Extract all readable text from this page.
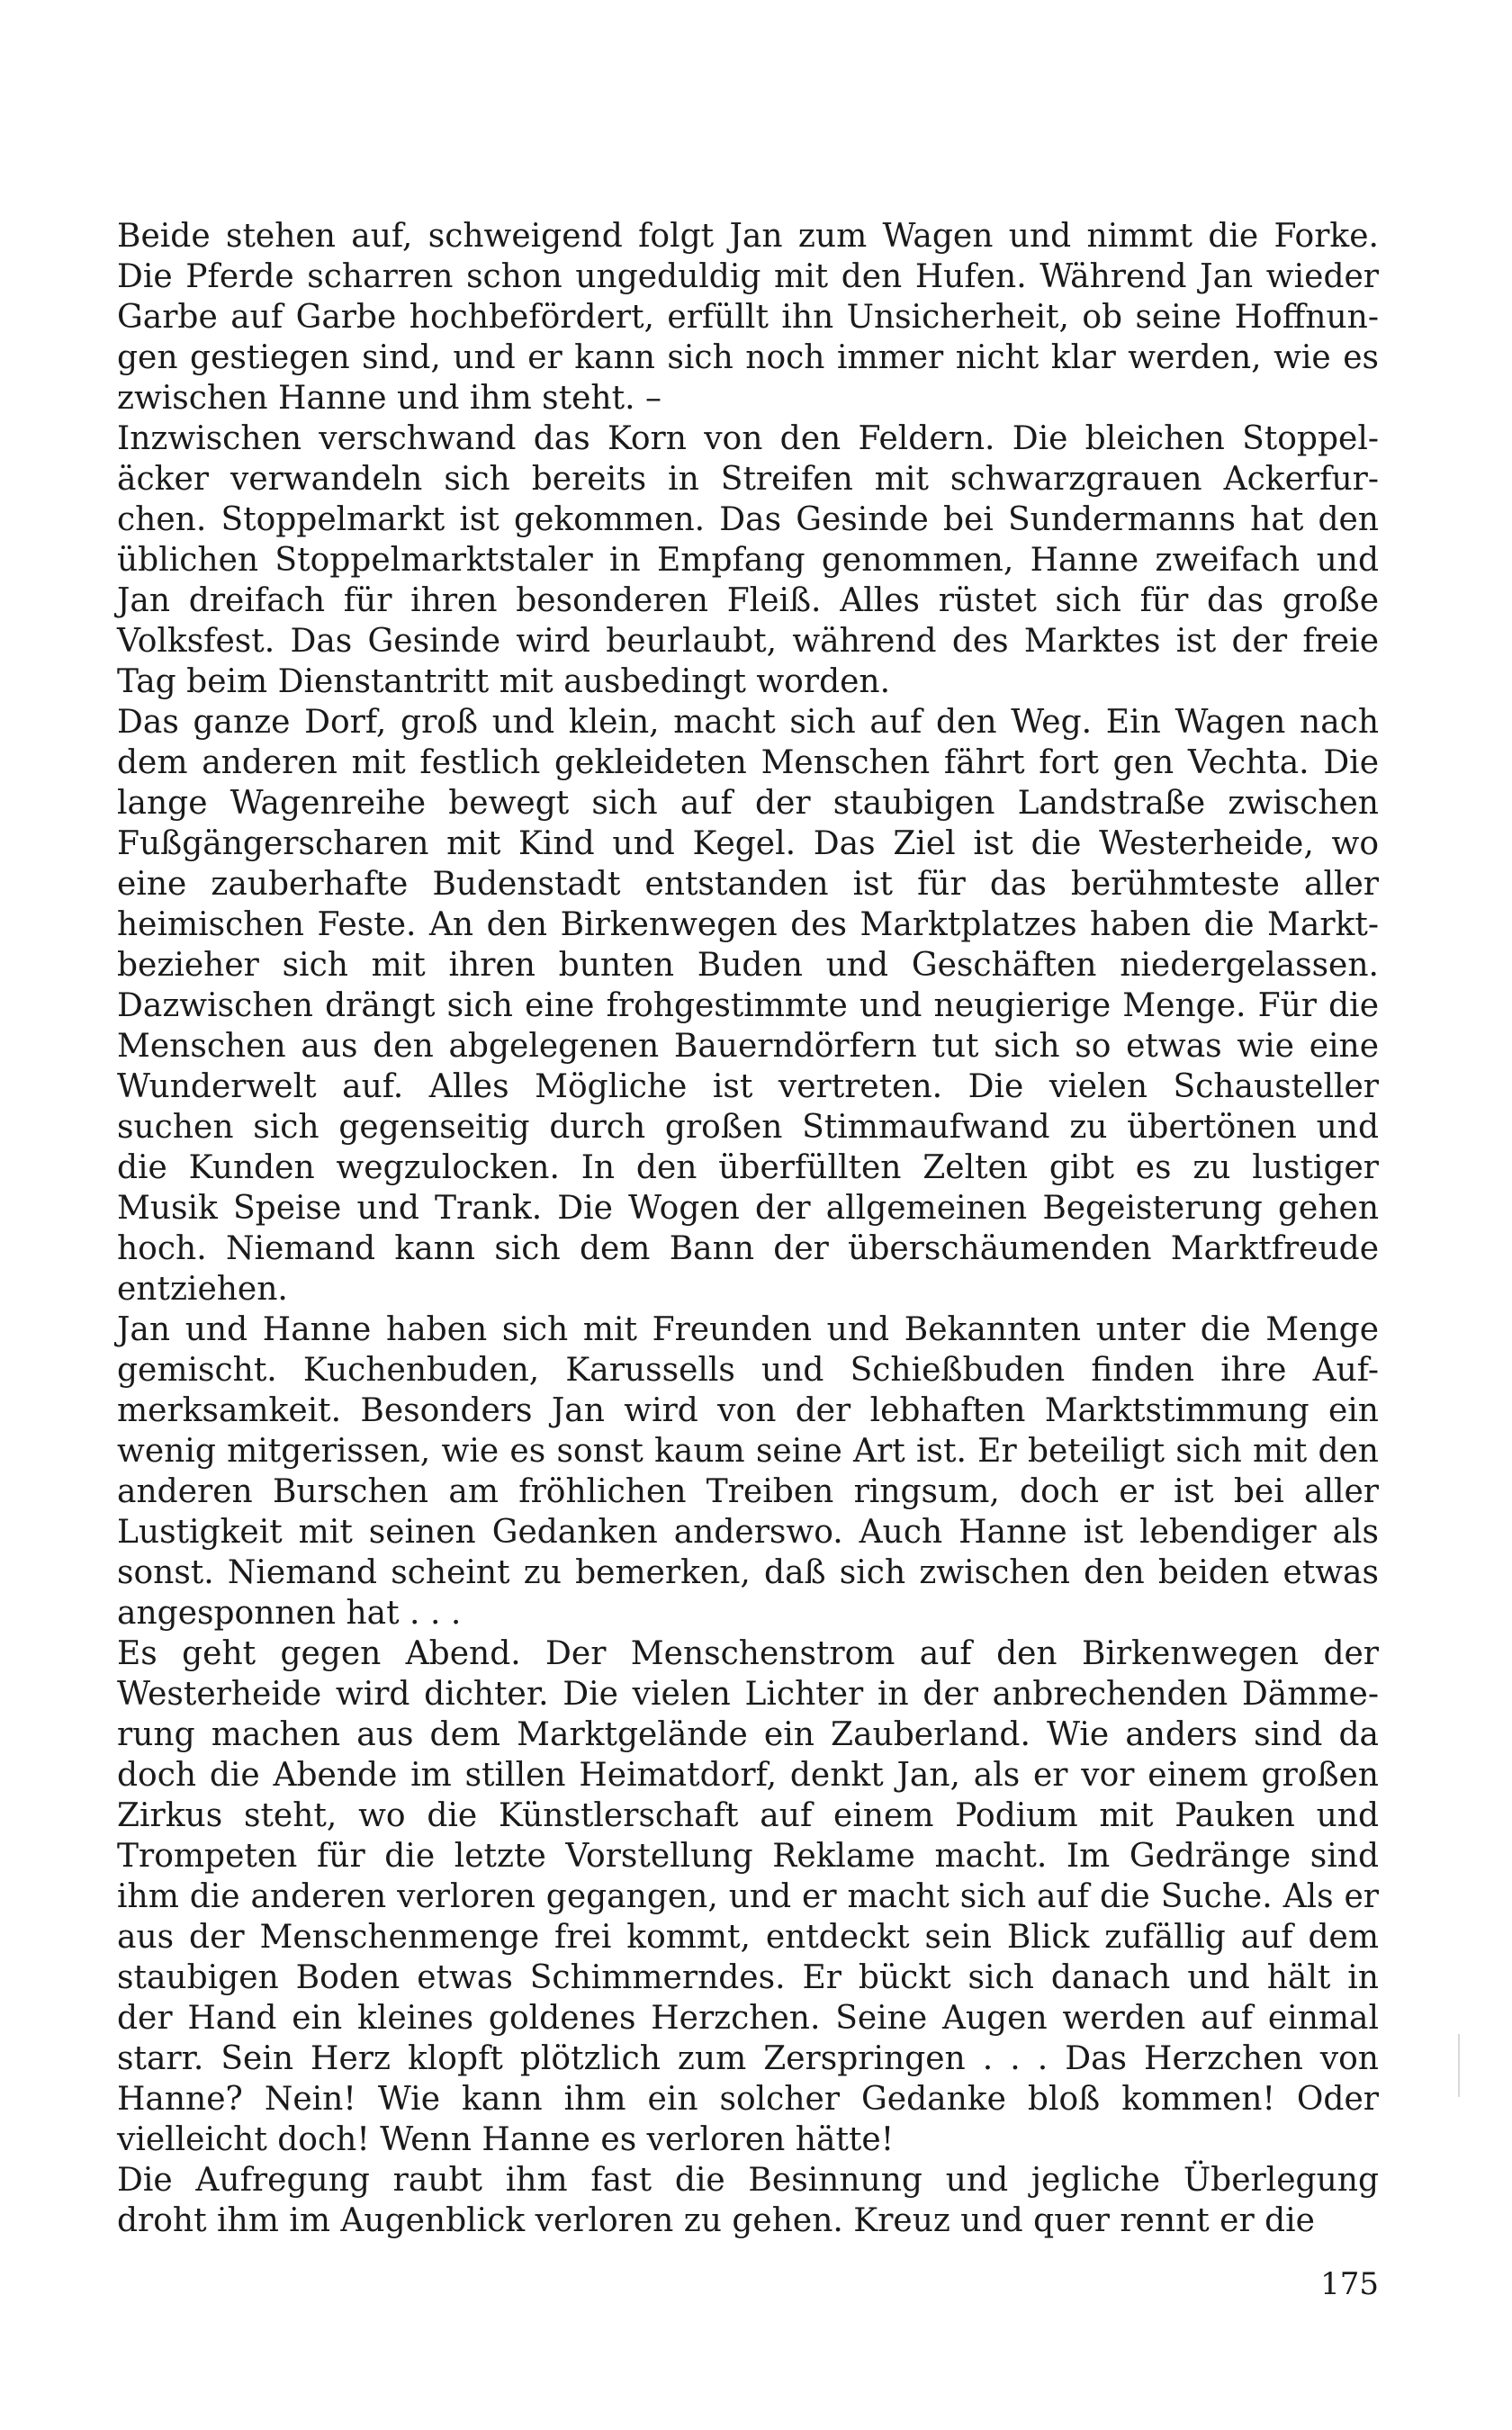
Beide stehen auf, schweigend folgt Jan zum Wagen und nimmt die Forke.
Die Pferde scharren schon ungeduldig mit den Hufen. Während Jan wieder
Garbe auf Garbe hochbefördert, erfüllt ihn Unsicherheit, ob seine Hoffnun-
gen gestiegen sind, und er kann sich noch immer nicht klar werden, wie es
zwischen Hanne und ihm steht. –
Inzwischen verschwand das Korn von den Feldern. Die bleichen Stoppel-
äcker verwandeln sich bereits in Streifen mit schwarzgrauen Ackerfur-
chen. Stoppelmarkt ist gekommen. Das Gesinde bei Sundermanns hat den
üblichen Stoppelmarktstaler in Empfang genommen, Hanne zweifach und
Jan dreifach für ihren besonderen Fleiß. Alles rüstet sich für das große
Volksfest. Das Gesinde wird beurlaubt, während des Marktes ist der freie
Tag beim Dienstantritt mit ausbedingt worden.
Das ganze Dorf, groß und klein, macht sich auf den Weg. Ein Wagen nach
dem anderen mit festlich gekleideten Menschen fährt fort gen Vechta. Die
lange Wagenreihe bewegt sich auf der staubigen Landstraße zwischen
Fußgängerscharen mit Kind und Kegel. Das Ziel ist die Westerheide, wo
eine zauberhafte Budenstadt entstanden ist für das berühmteste aller
heimischen Feste. An den Birkenwegen des Marktplatzes haben die Markt-
bezieher sich mit ihren bunten Buden und Geschäften niedergelassen.
Dazwischen drängt sich eine frohgestimmte und neugierige Menge. Für die
Menschen aus den abgelegenen Bauerndörfern tut sich so etwas wie eine
Wunderwelt auf. Alles Mögliche ist vertreten. Die vielen Schausteller
suchen sich gegenseitig durch großen Stimmaufwand zu übertönen und
die Kunden wegzulocken. In den überfüllten Zelten gibt es zu lustiger
Musik Speise und Trank. Die Wogen der allgemeinen Begeisterung gehen
hoch. Niemand kann sich dem Bann der überschäumenden Marktfreude
entziehen.
Jan und Hanne haben sich mit Freunden und Bekannten unter die Menge
gemischt. Kuchenbuden, Karussells und Schießbuden finden ihre Auf-
merksamkeit. Besonders Jan wird von der lebhaften Marktstimmung ein
wenig mitgerissen, wie es sonst kaum seine Art ist. Er beteiligt sich mit den
anderen Burschen am fröhlichen Treiben ringsum, doch er ist bei aller
Lustigkeit mit seinen Gedanken anderswo. Auch Hanne ist lebendiger als
sonst. Niemand scheint zu bemerken, daß sich zwischen den beiden etwas
angesponnen hat . . .
Es geht gegen Abend. Der Menschenstrom auf den Birkenwegen der
Westerheide wird dichter. Die vielen Lichter in der anbrechenden Dämme-
rung machen aus dem Marktgelände ein Zauberland. Wie anders sind da
doch die Abende im stillen Heimatdorf, denkt Jan, als er vor einem großen
Zirkus steht, wo die Künstlerschaft auf einem Podium mit Pauken und
Trompeten für die letzte Vorstellung Reklame macht. Im Gedränge sind
ihm die anderen verloren gegangen, und er macht sich auf die Suche. Als er
aus der Menschenmenge frei kommt, entdeckt sein Blick zufällig auf dem
staubigen Boden etwas Schimmerndes. Er bückt sich danach und hält in
der Hand ein kleines goldenes Herzchen. Seine Augen werden auf einmal
starr. Sein Herz klopft plötzlich zum Zerspringen . . . Das Herzchen von
Hanne? Nein! Wie kann ihm ein solcher Gedanke bloß kommen! Oder
vielleicht doch! Wenn Hanne es verloren hätte!
Die Aufregung raubt ihm fast die Besinnung und jegliche Überlegung
droht ihm im Augenblick verloren zu gehen. Kreuz und quer rennt er die
175
